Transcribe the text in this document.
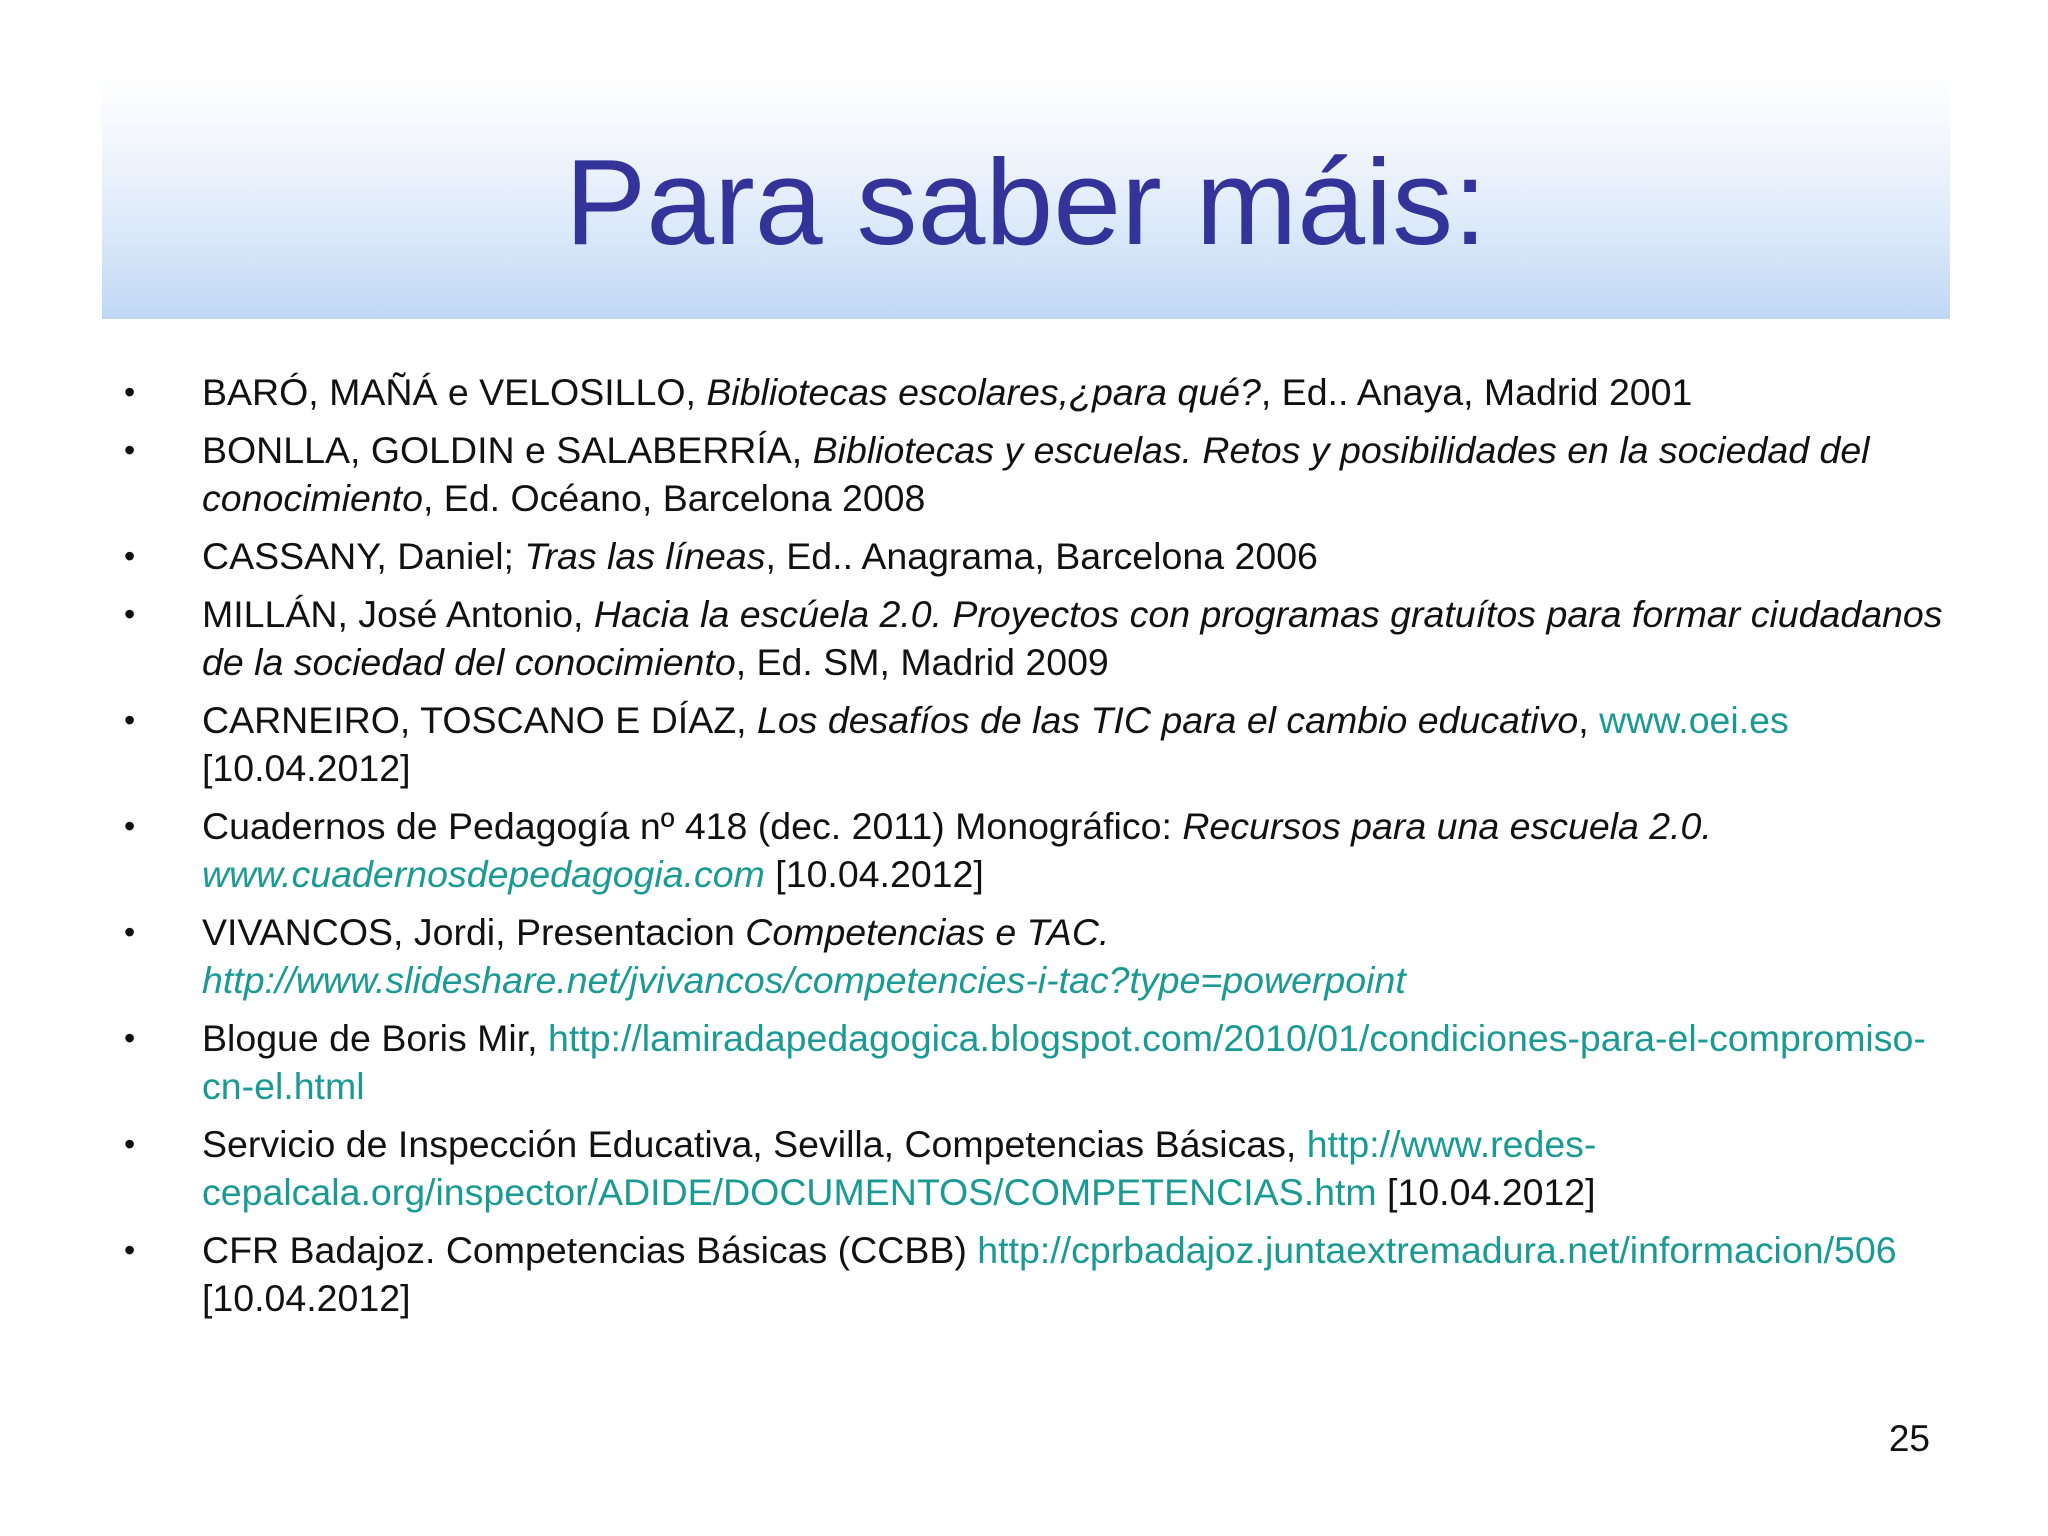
Para saber máis:
• BARÓ, MAÑÁ e VELOSILLO, Bibliotecas escolares,¿para qué?, Ed.. Anaya, Madrid 2001
• BONLLA, GOLDIN e SALABERRÍA, Bibliotecas y escuelas. Retos y posibilidades en la sociedad del conocimiento, Ed. Océano, Barcelona 2008
• CASSANY, Daniel; Tras las líneas, Ed.. Anagrama, Barcelona 2006
• MILLÁN, José Antonio, Hacia la escúela 2.0. Proyectos con programas gratuítos para formar ciudadanos de la sociedad del conocimiento, Ed. SM, Madrid 2009
• CARNEIRO, TOSCANO E DÍAZ, Los desafíos de las TIC para el cambio educativo, www.oei.es [10.04.2012]
• Cuadernos de Pedagogía nº 418 (dec. 2011) Monográfico: Recursos para una escuela 2.0. www.cuadernosdepedagogia.com [10.04.2012]
• VIVANCOS, Jordi, Presentacion Competencias e TAC. http://www.slideshare.net/jvivancos/competencies-i-tac?type=powerpoint
• Blogue de Boris Mir, http://lamiradapedagogica.blogspot.com/2010/01/condiciones-para-el-compromiso-cn-el.html
• Servicio de Inspección Educativa, Sevilla, Competencias Básicas, http://www.redes-cepalcala.org/inspector/ADIDE/DOCUMENTOS/COMPETENCIAS.htm [10.04.2012]
• CFR Badajoz. Competencias Básicas (CCBB) http://cprbadajoz.juntaextremadura.net/informacion/506 [10.04.2012]
25
